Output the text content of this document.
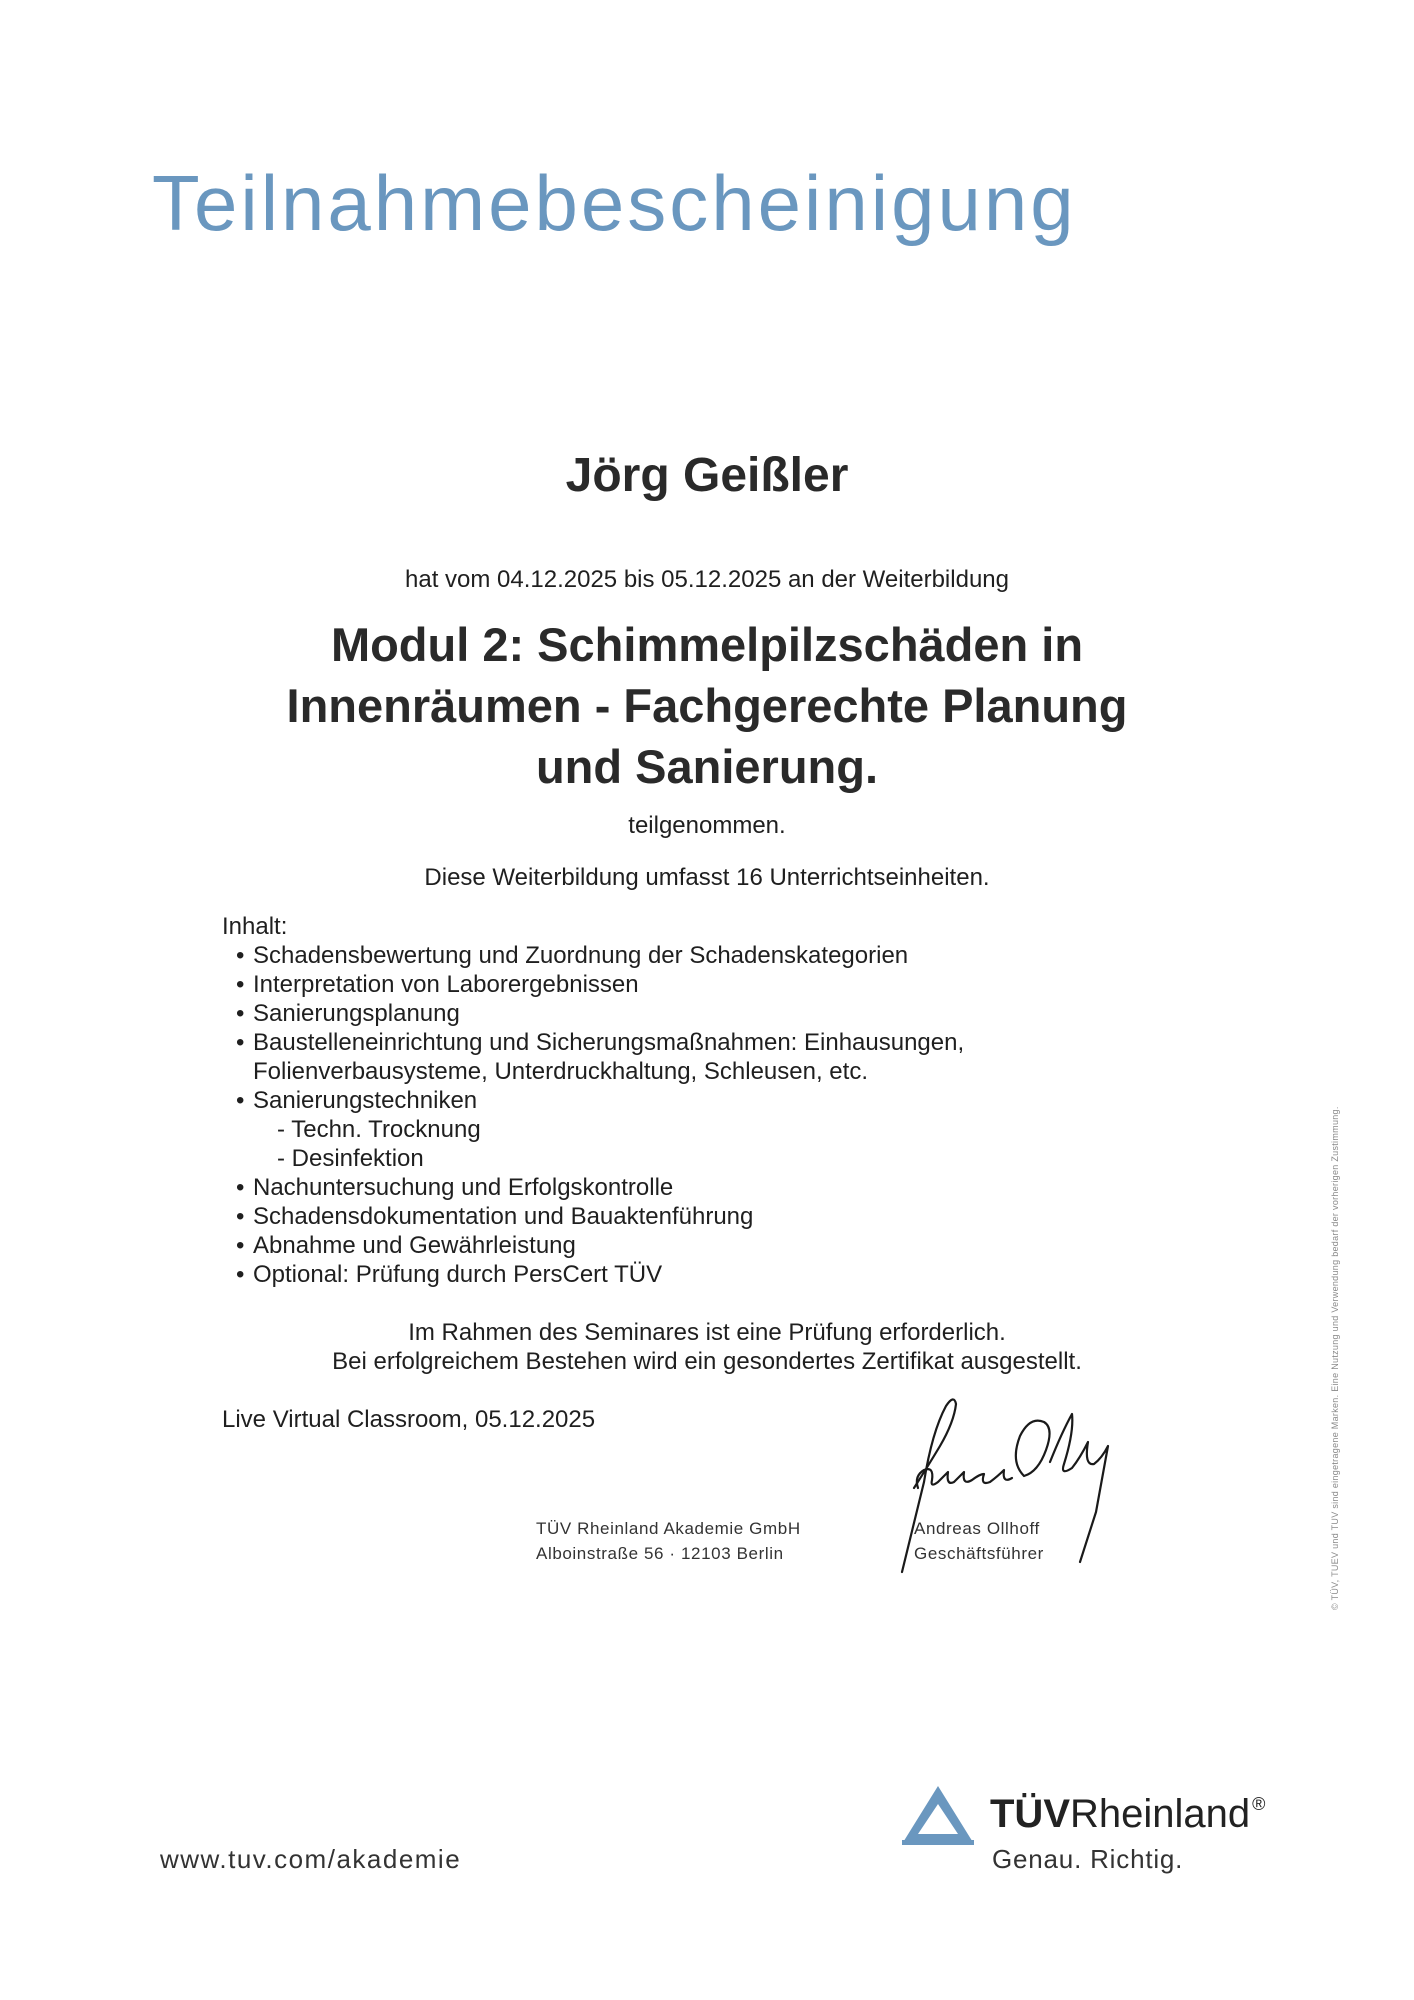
Teilnahmebescheinigung
Jörg Geißler
hat vom 04.12.2025 bis 05.12.2025 an der Weiterbildung
Modul 2: Schimmelpilzschäden in
Innenräumen - Fachgerechte Planung
und Sanierung.
teilgenommen.
Diese Weiterbildung umfasst 16 Unterrichtseinheiten.
Inhalt:
• Schadensbewertung und Zuordnung der Schadenskategorien
• Interpretation von Laborergebnissen
• Sanierungsplanung
• Baustelleneinrichtung und Sicherungsmaßnahmen: Einhausungen,
Folienverbausysteme, Unterdruckhaltung, Schleusen, etc.
• Sanierungstechniken
- Techn. Trocknung
- Desinfektion
• Nachuntersuchung und Erfolgskontrolle
• Schadensdokumentation und Bauaktenführung
• Abnahme und Gewährleistung
• Optional: Prüfung durch PersCert TÜV
Im Rahmen des Seminares ist eine Prüfung erforderlich.
Bei erfolgreichem Bestehen wird ein gesondertes Zertifikat ausgestellt.
Live Virtual Classroom, 05.12.2025
TÜV Rheinland Akademie GmbH
Alboinstraße 56 · 12103 Berlin
Andreas Ollhoff
Geschäftsführer	© TÜV, TUEV und TUV sind eingetragene Marken. Eine Nutzung und Verwendung bedarf der vorherigen Zustimmung.
www.tuv.com/akademie
TÜVRheinland ®
Genau. Richtig.
